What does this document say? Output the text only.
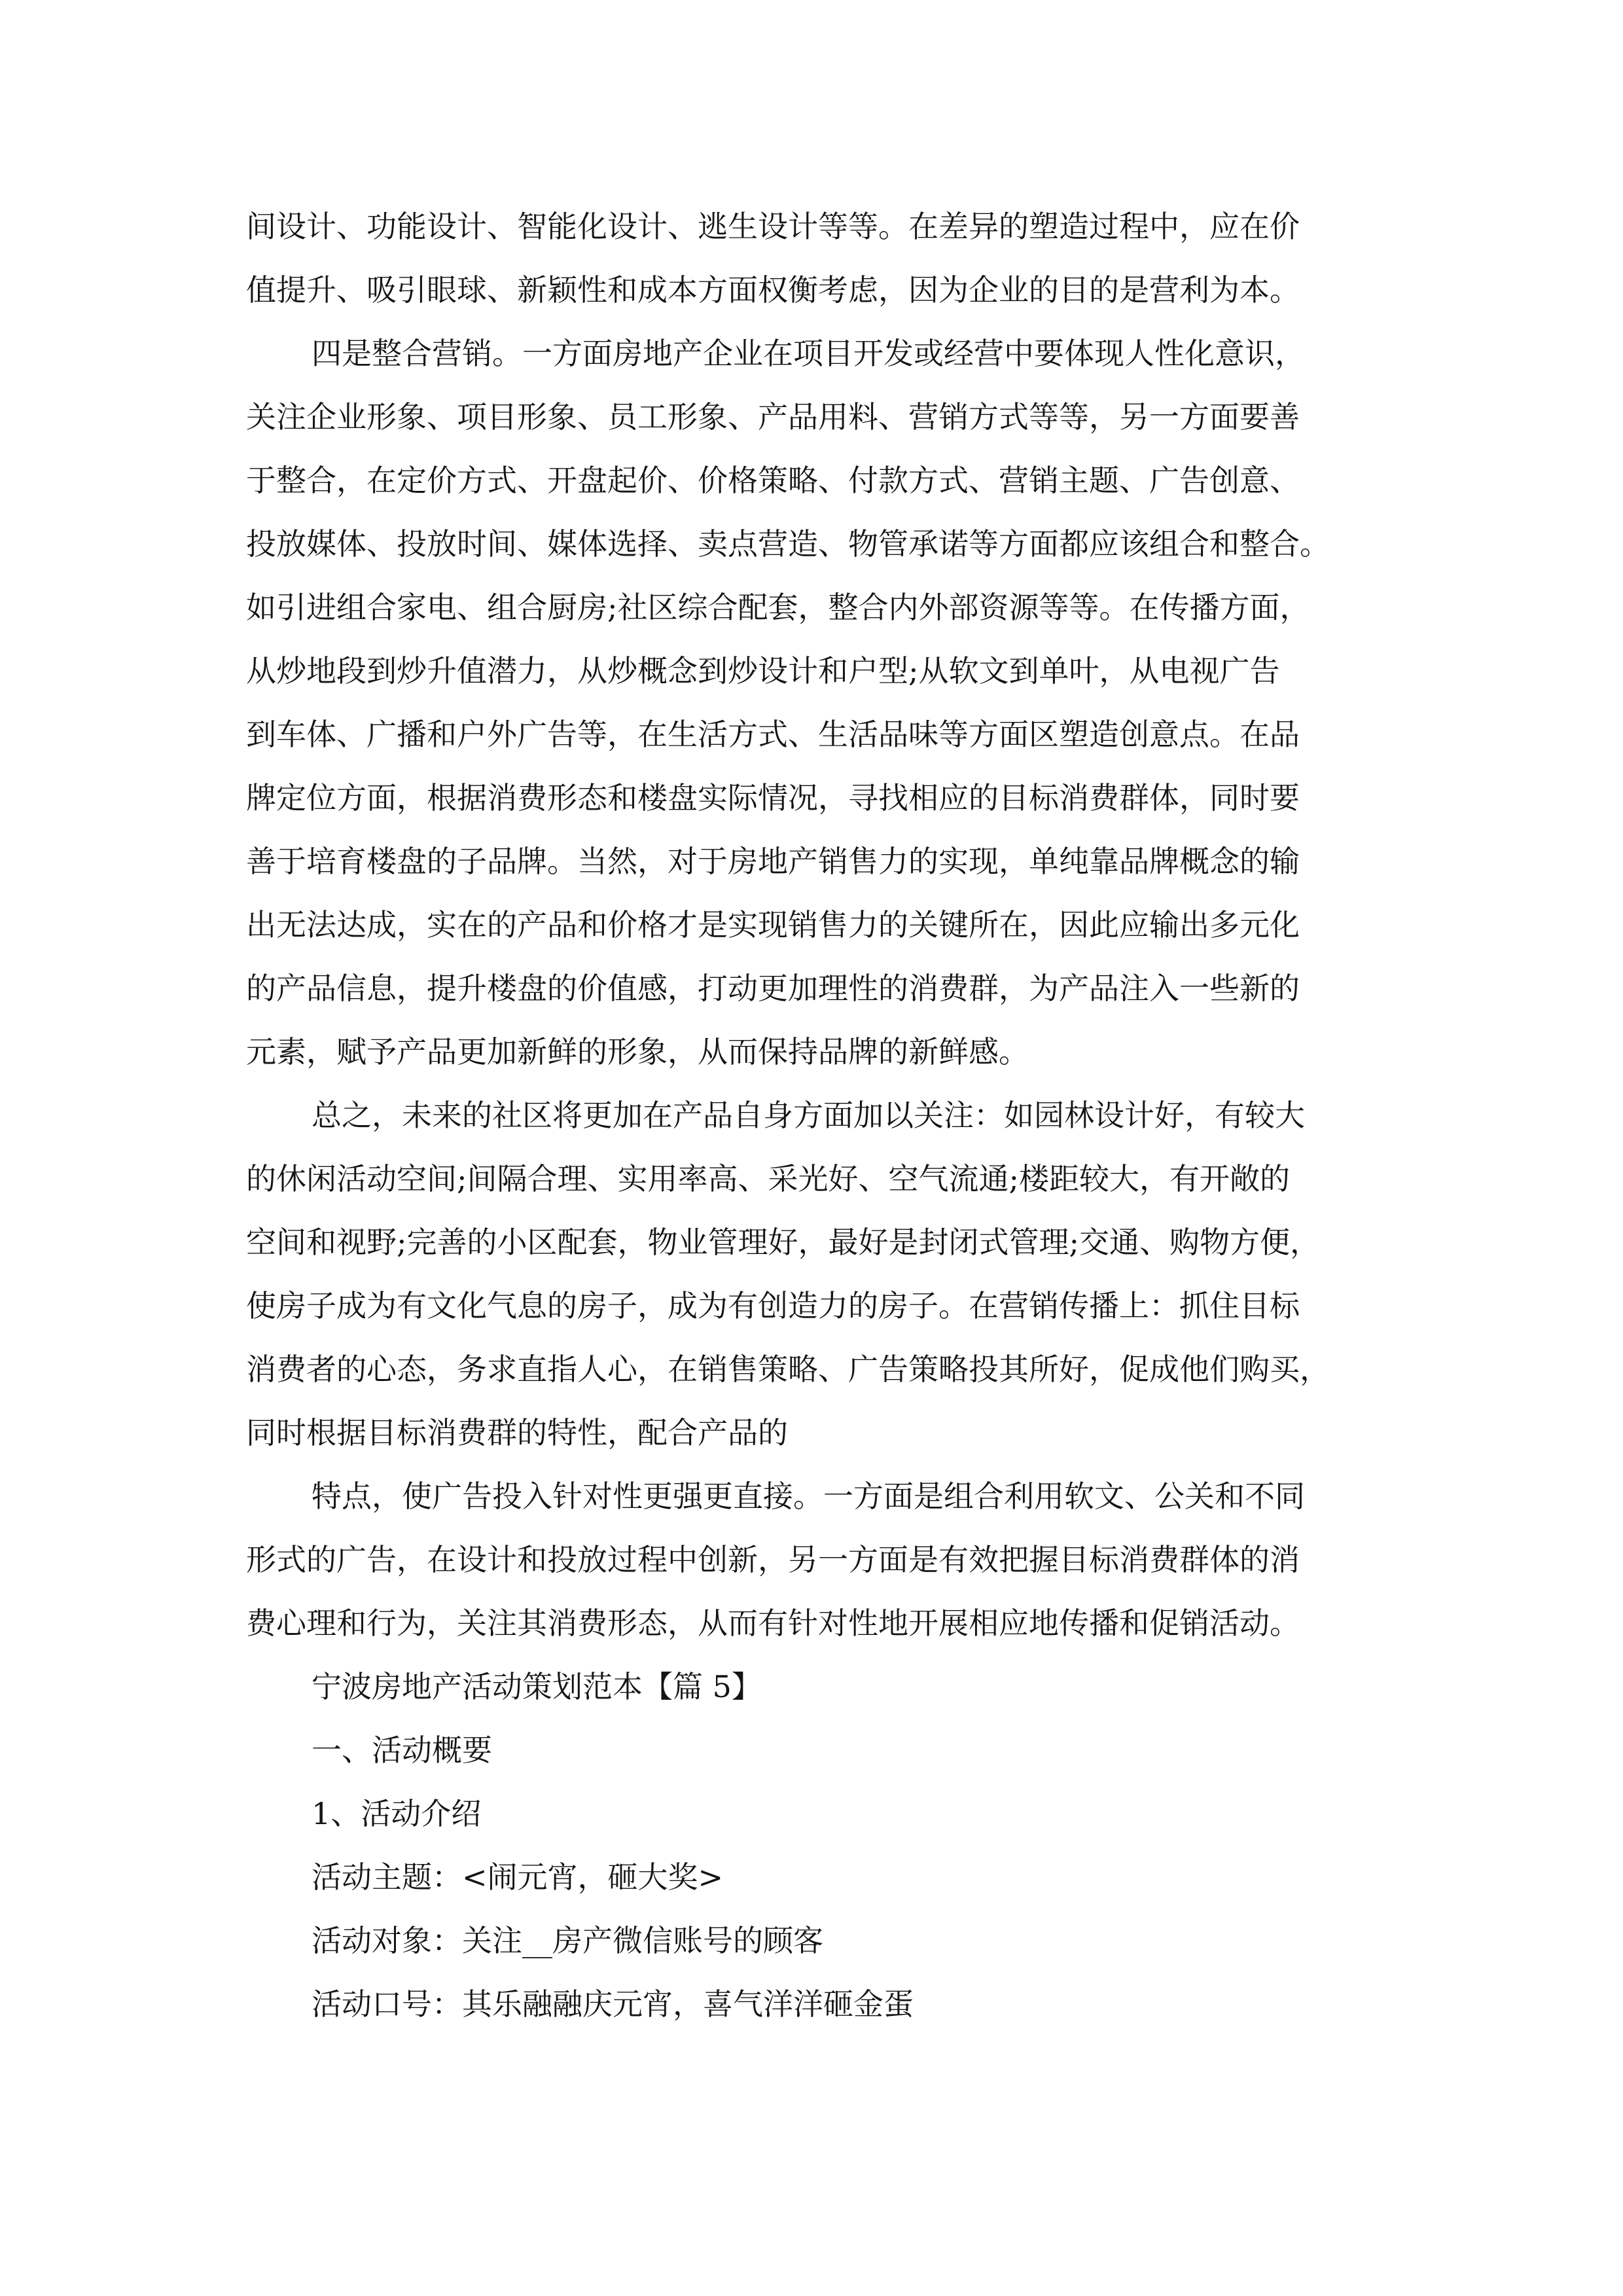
间设计、功能设计、智能化设计、逃生设计等等。在差异的塑造过程中，应在价

值提升、吸引眼球、新颖性和成本方面权衡考虑，因为企业的目的是营利为本。

四是整合营销。一方面房地产企业在项目开发或经营中要体现人性化意识，

关注企业形象、项目形象、员工形象、产品用料、营销方式等等，另一方面要善

于整合，在定价方式、开盘起价、价格策略、付款方式、营销主题、广告创意、

投放媒体、投放时间、媒体选择、卖点营造、物管承诺等方面都应该组合和整合。

如引进组合家电、组合厨房;社区综合配套，整合内外部资源等等。在传播方面，

从炒地段到炒升值潜力，从炒概念到炒设计和户型;从软文到单叶，从电视广告

到车体、广播和户外广告等，在生活方式、生活品味等方面区塑造创意点。在品

牌定位方面，根据消费形态和楼盘实际情况，寻找相应的目标消费群体，同时要

善于培育楼盘的子品牌。当然，对于房地产销售力的实现，单纯靠品牌概念的输

出无法达成，实在的产品和价格才是实现销售力的关键所在，因此应输出多元化

的产品信息，提升楼盘的价值感，打动更加理性的消费群，为产品注入一些新的

元素，赋予产品更加新鲜的形象，从而保持品牌的新鲜感。

总之，未来的社区将更加在产品自身方面加以关注：如园林设计好，有较大

的休闲活动空间;间隔合理、实用率高、采光好、空气流通;楼距较大，有开敞的

空间和视野;完善的小区配套，物业管理好，最好是封闭式管理;交通、购物方便，

使房子成为有文化气息的房子，成为有创造力的房子。在营销传播上：抓住目标

消费者的心态，务求直指人心，在销售策略、广告策略投其所好，促成他们购买，

同时根据目标消费群的特性，配合产品的

特点，使广告投入针对性更强更直接。一方面是组合利用软文、公关和不同

形式的广告，在设计和投放过程中创新，另一方面是有效把握目标消费群体的消

费心理和行为，关注其消费形态，从而有针对性地开展相应地传播和促销活动。

宁波房地产活动策划范本【篇 5】

一、活动概要

1、活动介绍

活动主题：<闹元宵，砸大奖>

活动对象：关注__房产微信账号的顾客

活动口号：其乐融融庆元宵，喜气洋洋砸金蛋
